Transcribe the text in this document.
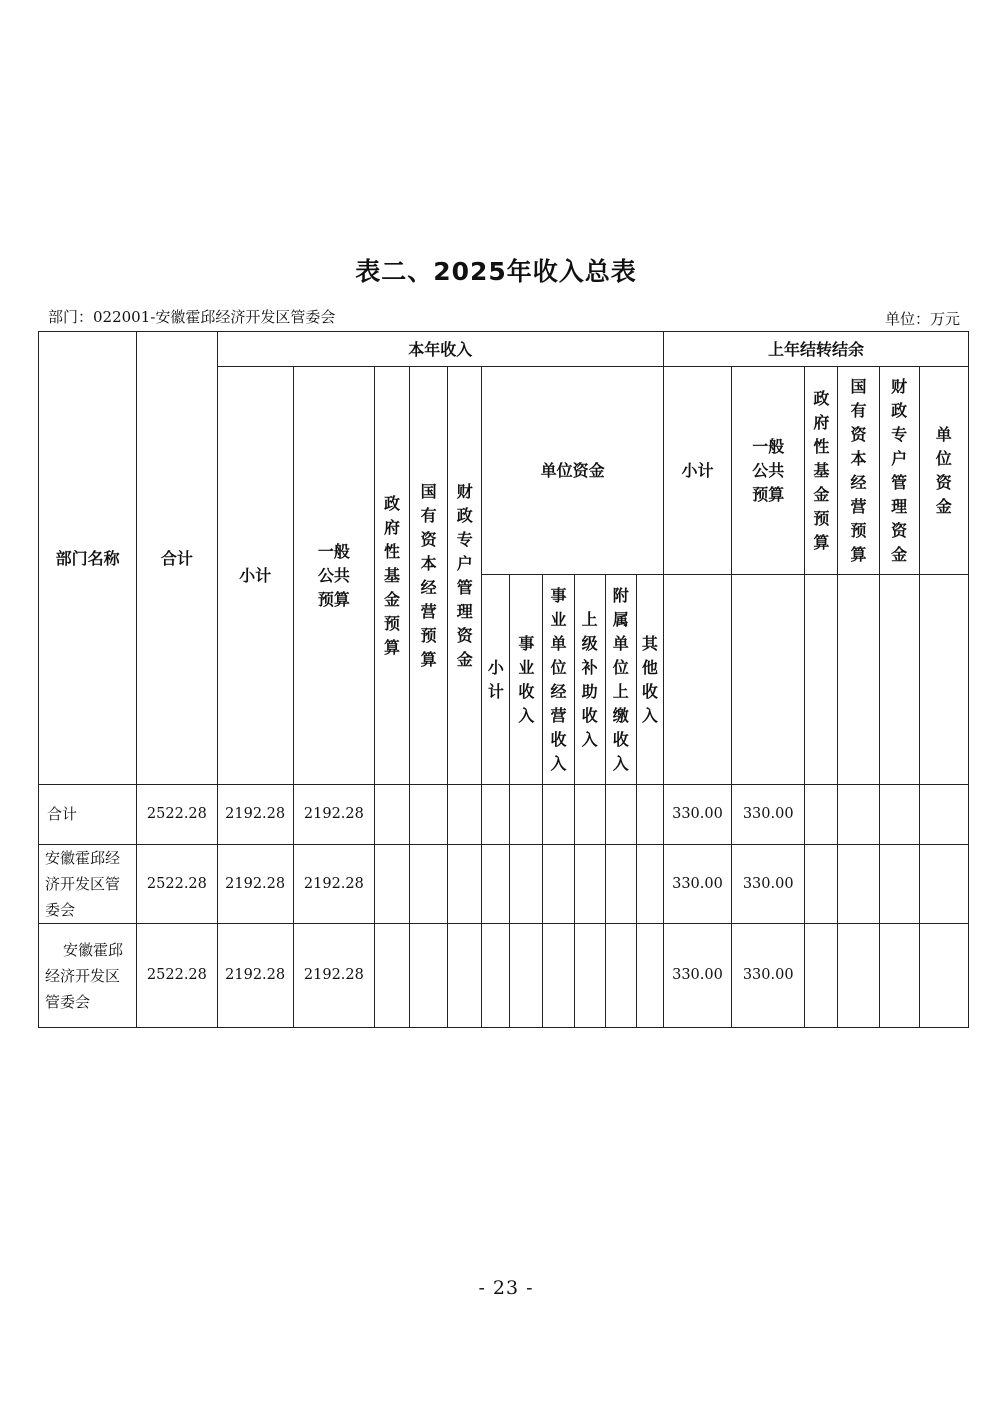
表二、2025年收入总表
部门：022001-安徽霍邱经济开发区管委会	单位：万元
部门名称	合计	本年收入											上年结转结余					
		小计	一般公共预算	政府性基金预算	国有资本经营预算	财政专户管理资金	单位资金						小计	一般公共预算	政府性基金预算	国有资本经营预算	财政专户管理资金	单位资金
							小计	事业收入	事业单位经营收入	上级补助收入	附属单位上缴收入	其他收入						
合计	2522.28	2192.28	2192.28										330.00	330.00				
安徽霍邱经济开发区管委会	2522.28	2192.28	2192.28										330.00	330.00				
安徽霍邱经济开发区管委会	2522.28	2192.28	2192.28										330.00	330.00				
- 23 -
